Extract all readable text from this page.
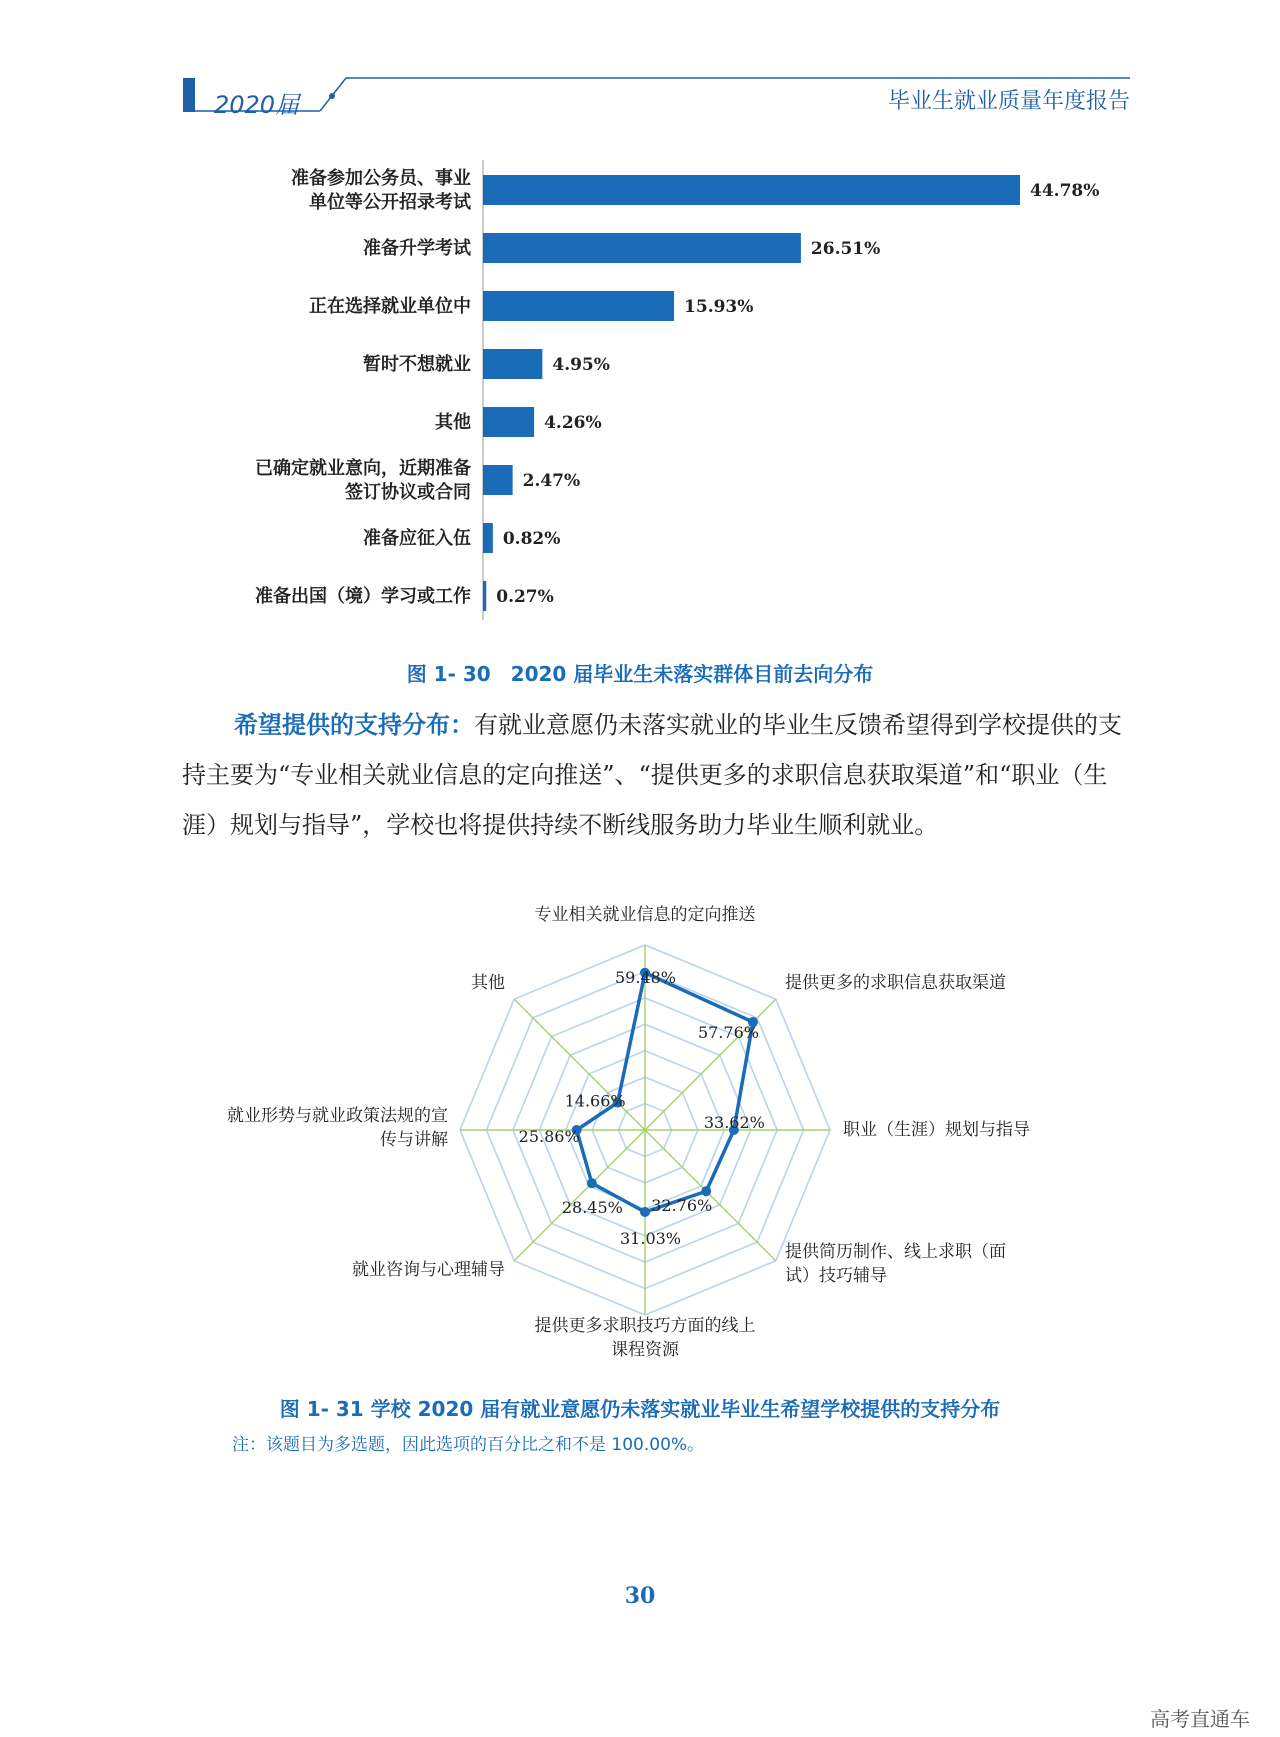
2020届	毕业生就业质量年度报告
44.78%
准备参加公务员、事业
单位等公开招录考试
26.51%
准备升学考试
15.93%
正在选择就业单位中
4.95%
暂时不想就业
4.26%
其他
2.47%
已确定就业意向，近期准备
签订协议或合同
0.82%
准备应征入伍
0.27%
准备出国（境）学习或工作
图 1- 30　2020 届毕业生未落实群体目前去向分布
希望提供的支持分布：有就业意愿仍未落实就业的毕业生反馈希望得到学校提供的支持主要为“专业相关就业信息的定向推送”、“提供更多的求职信息获取渠道”和“职业（生涯）规划与指导”，学校也将提供持续不断线服务助力毕业生顺利就业。
59.48%
57.76%
33.62%
32.76%
31.03%
28.45%
25.86%
14.66%
专业相关就业信息的定向推送
提供更多的求职信息获取渠道
职业（生涯）规划与指导
提供简历制作、线上求职（面
试）技巧辅导
提供更多求职技巧方面的线上
课程资源
就业咨询与心理辅导
就业形势与就业政策法规的宣
传与讲解
其他
图 1- 31 学校 2020 届有就业意愿仍未落实就业毕业生希望学校提供的支持分布
注：该题目为多选题，因此选项的百分比之和不是 100.00%。
30
高考直通车
